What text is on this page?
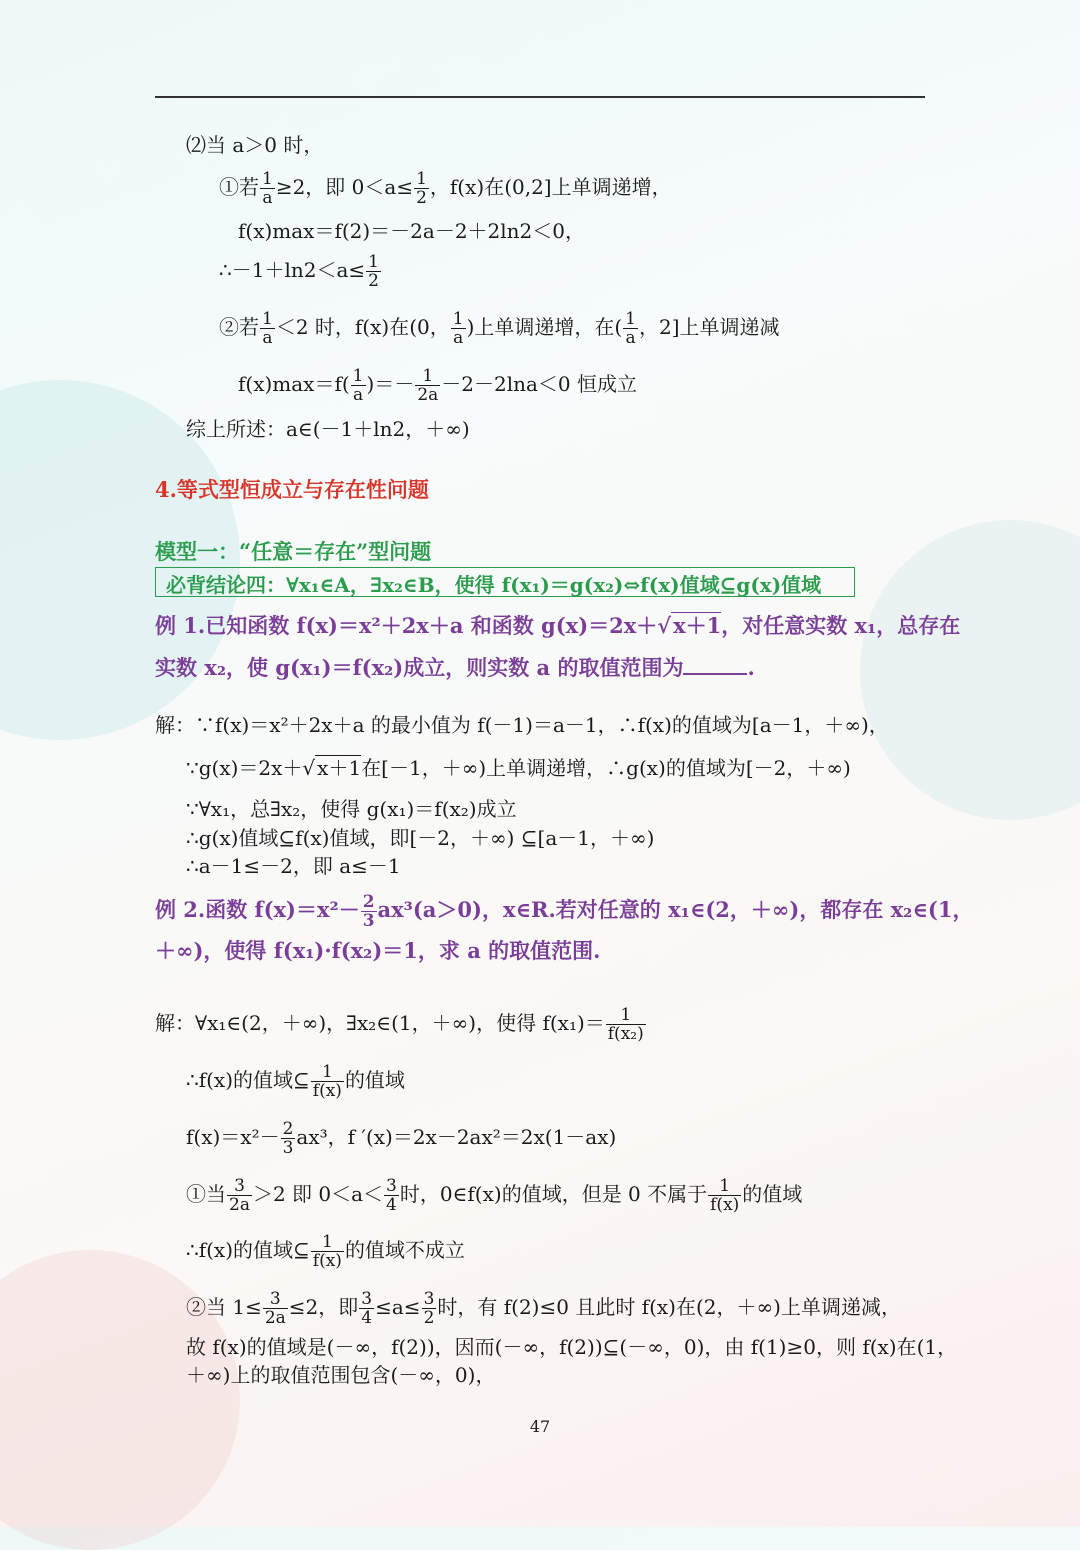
⑵当 a＞0 时，
①若 $\frac{1}{a} \ge 2$，即 $0<a\le \frac{1}{2}$ ，f(x)在(0,2]上单调递增，
f(x)max＝f(2)＝－2a－2＋2ln2＜0，
∴－1＋ln2＜a≤ $\frac{1}{2}$
②若 $\frac{1}{a} <2$ 时，f(x)在(0， $\frac{1}{a}$ )上单调递增，在( $\frac{1}{a}$ ，2]上单调递减
$f(x)\max=f( \frac{1}{a}$ )＝－ $\frac{1}{2a} -2-2\ln a<0$ 恒成立
综上所述：a∈(－1＋ln2，＋∞)
4.等式型恒成立与存在性问题
模型一：“任意＝存在”型问题
必背结论四：∀x₁∈A，∃x₂∈B，使得 f(x₁)＝g(x₂)⇔f(x)值域⊆g(x)值域
例 1.已知函数 f(x)＝x²＋2x＋a 和函数 g(x)＝2x＋√x＋1，对任意实数 x₁，总存在
实数 x₂，使 g(x₁)＝f(x₂)成立，则实数 a 的取值范围为	.
解：∵f(x)＝x²＋2x＋a 的最小值为 f(－1)＝a－1，∴f(x)的值域为[a－1，＋∞)，
∵g(x)＝2x＋√ x＋1在[－1，＋∞)上单调递增，∴g(x)的值域为[－2，＋∞)
∵∀x₁，总∃x₂，使得 g(x₁)＝f(x₂)成立
∴g(x)值域⊆f(x)值域，即[－2，＋∞) ⊆[a－1，＋∞)
∴a－1≤－2，即 a≤－1
例 2.函数 $f(x)=x^2- \frac{2}{3} ax^3(a>0)$，x∈R.若对任意的 x₁∈(2，＋∞)，都存在 x₂∈(1，
＋∞)，使得 f(x₁)·f(x₂)＝1，求 a 的取值范围.
解：∀x₁∈(2，＋∞)，∃x₂∈(1，＋∞)，使得 $f(x_1)= \frac{1}{\text{f(x₂)}}$
∴f(x)的值域⊆ $\frac{1}{f(x)}$ 的值域
$f(x)=x^2- \frac{2}{3} ax^3$，f ′(x)＝2x－2ax²＝2x(1－ax)
①当 $\frac{3}{2a} >2$ 即 $0<a< \frac{3}{4}$ 时，0∈f(x)的值域，但是 0 不属于 $\frac{1}{f(x)}$ 的值域
∴f(x)的值域⊆ $\frac{1}{f(x)}$ 的值域不成立
②当 $1\le \frac{3}{2a} \le 2$，即 $\frac{3}{4} \le a\le \frac{3}{2}$ 时，有 f(2)≤0 且此时 f(x)在(2，＋∞)上单调递减，
故 f(x)的值域是(－∞，f(2))，因而(－∞，f(2))⊆(－∞，0)，由 f(1)≥0，则 f(x)在(1，
＋∞)上的取值范围包含(－∞，0)，
47
